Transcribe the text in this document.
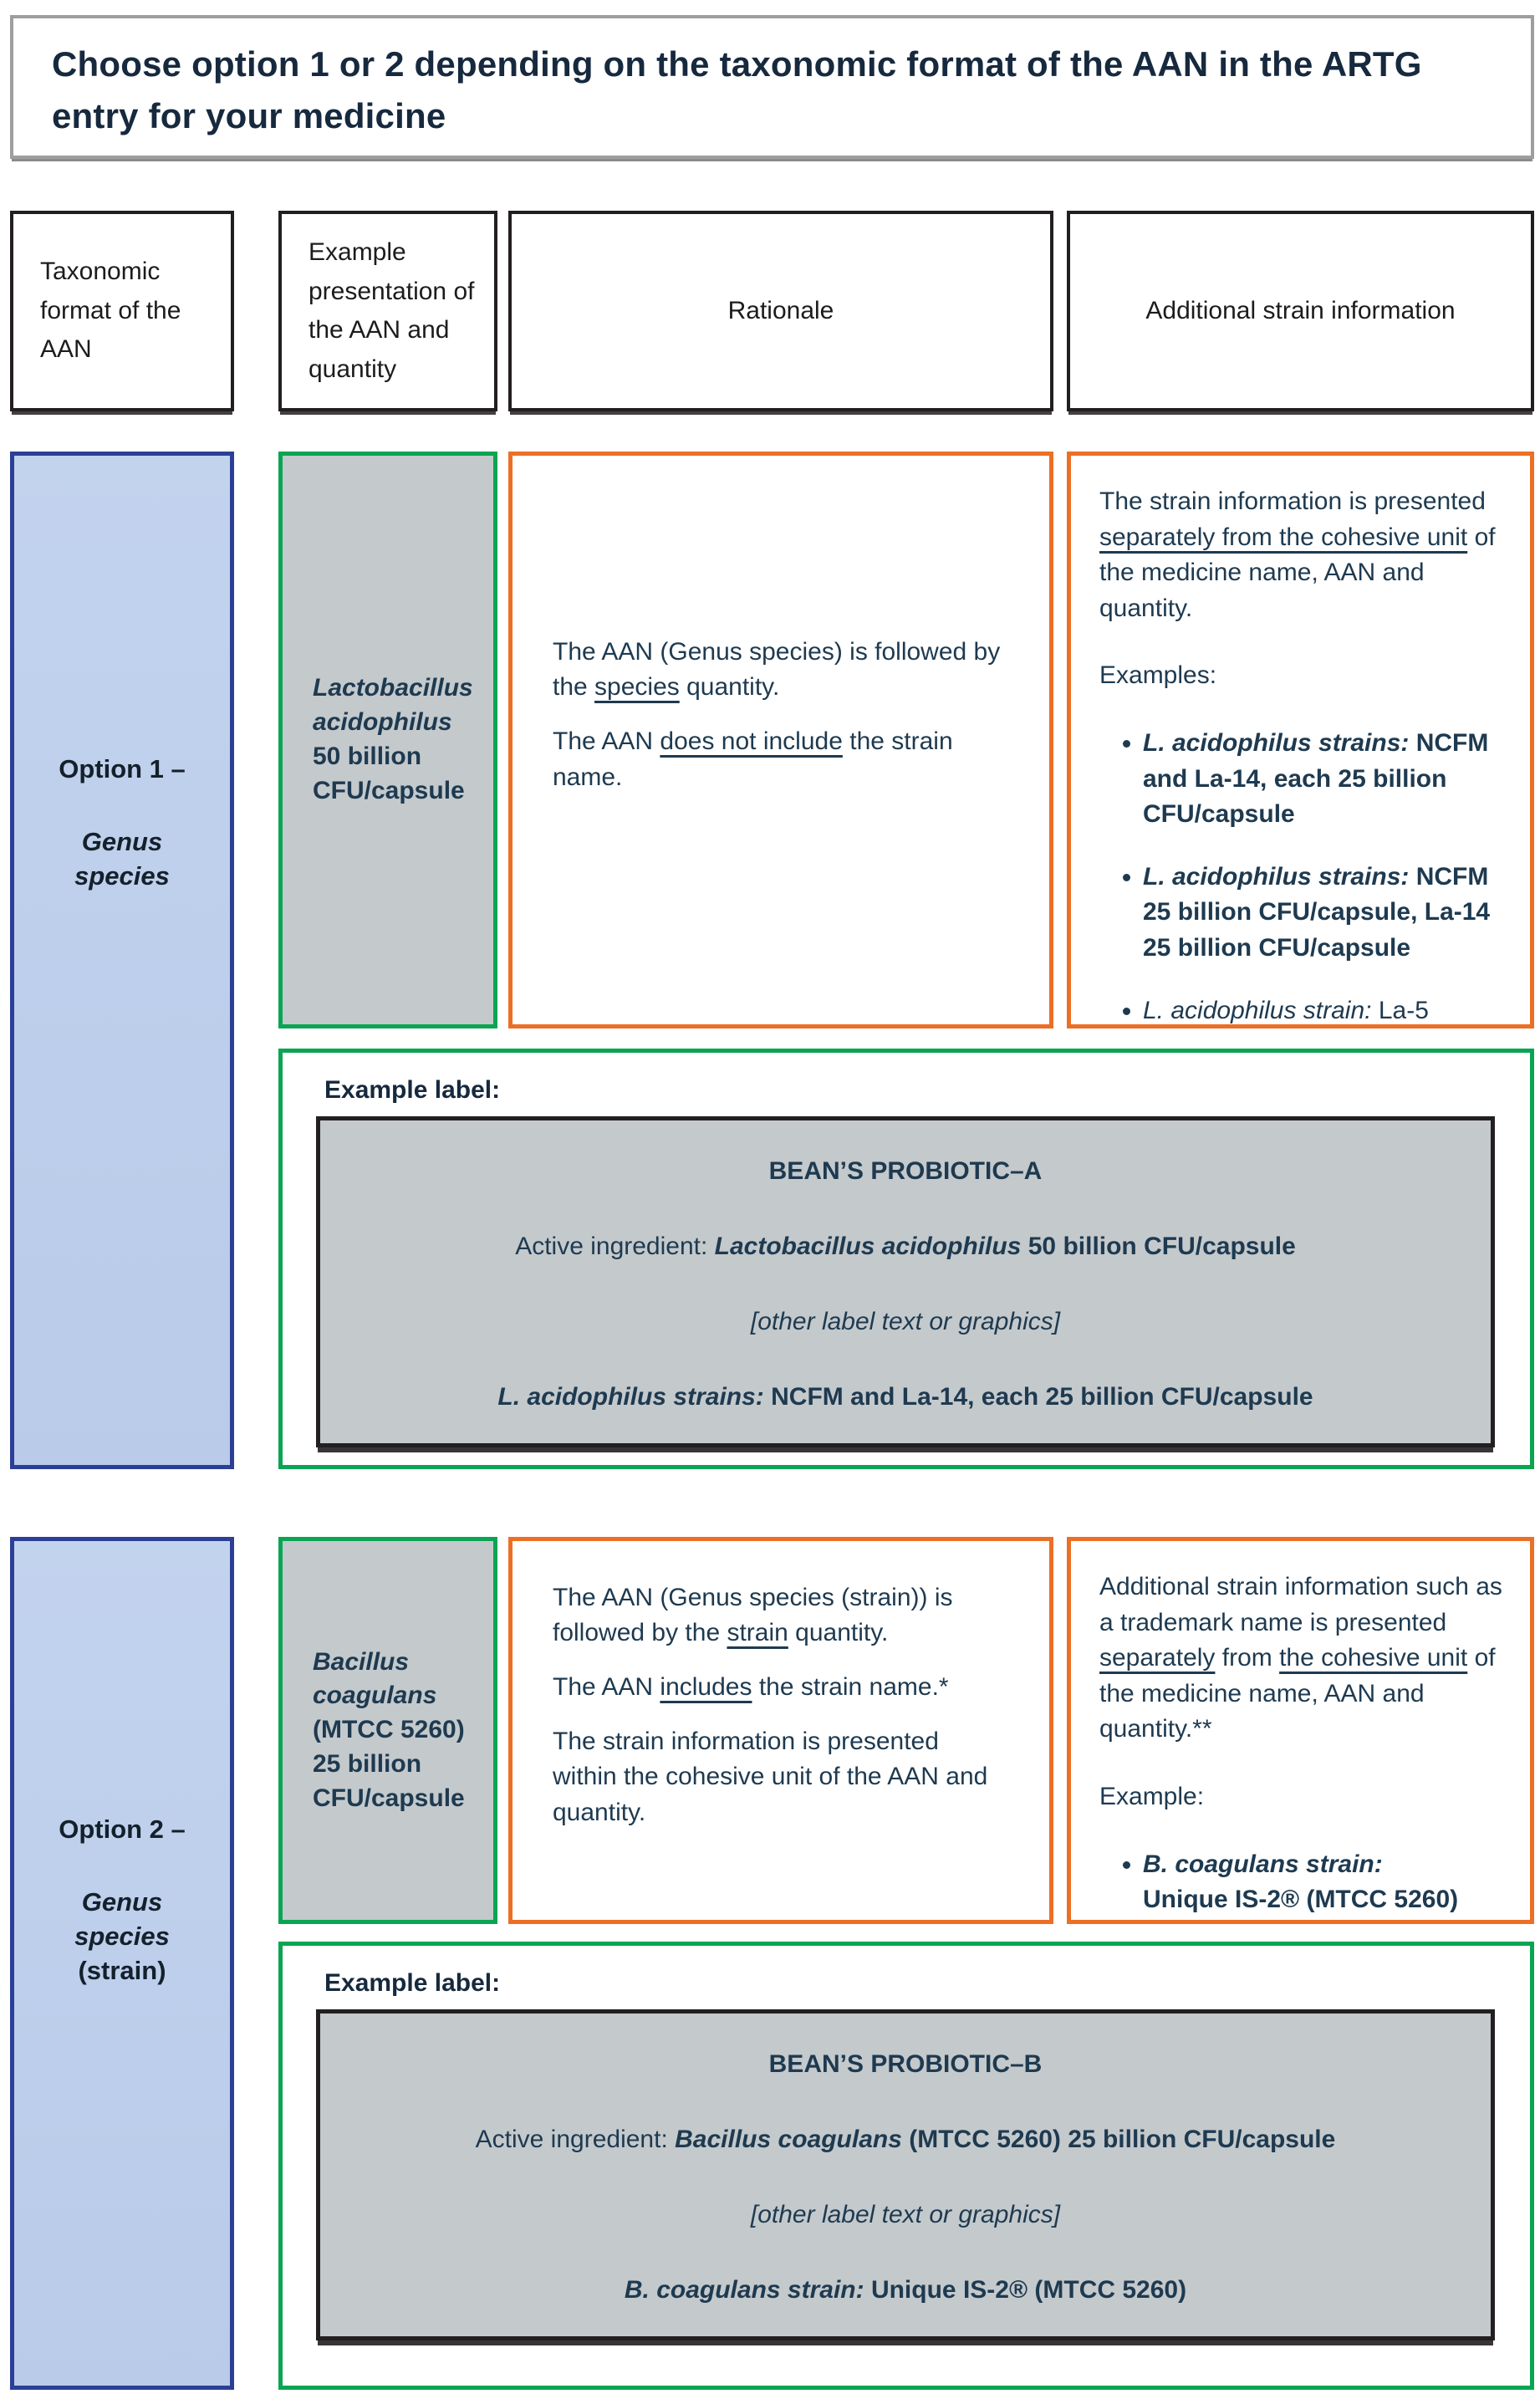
Choose option 1 or 2 depending on the taxonomic format of the AAN in the ARTG entry for your medicine
Taxonomic format of the AAN
Example presentation of the AAN and quantity
Rationale	Additional strain information

Option 1 –

Genus
species

Lactobacillus acidophilus
50 billion CFU/capsule

The AAN (Genus species) is followed by the species quantity.

The AAN does not include the strain name.

The strain information is presented separately from the cohesive unit of the medicine name, AAN and quantity.
Examples:
• L. acidophilus strains: NCFM and La-14, each 25 billion CFU/capsule
• L. acidophilus strains: NCFM 25 billion CFU/capsule, La-14 25 billion CFU/capsule
• L. acidophilus strain: La-5
Example label:
BEAN’S PROBIOTIC–A
Active ingredient: Lactobacillus acidophilus 50 billion CFU/capsule
[other label text or graphics]
L. acidophilus strains: NCFM and La-14, each 25 billion CFU/capsule

Option 2 –

Genus
species
(strain)

Bacillus coagulans
(MTCC 5260) 25 billion CFU/capsule

The AAN (Genus species (strain)) is followed by the strain quantity.

The AAN includes the strain name.*

The strain information is presented within the cohesive unit of the AAN and quantity.

Additional strain information such as a trademark name is presented separately from the cohesive unit of the medicine name, AAN and quantity.**
Example:
• B. coagulans strain:
Unique IS-2® (MTCC 5260)
Example label:
BEAN’S PROBIOTIC–B
Active ingredient: Bacillus coagulans (MTCC 5260) 25 billion CFU/capsule
[other label text or graphics]
B. coagulans strain: Unique IS-2® (MTCC 5260)
